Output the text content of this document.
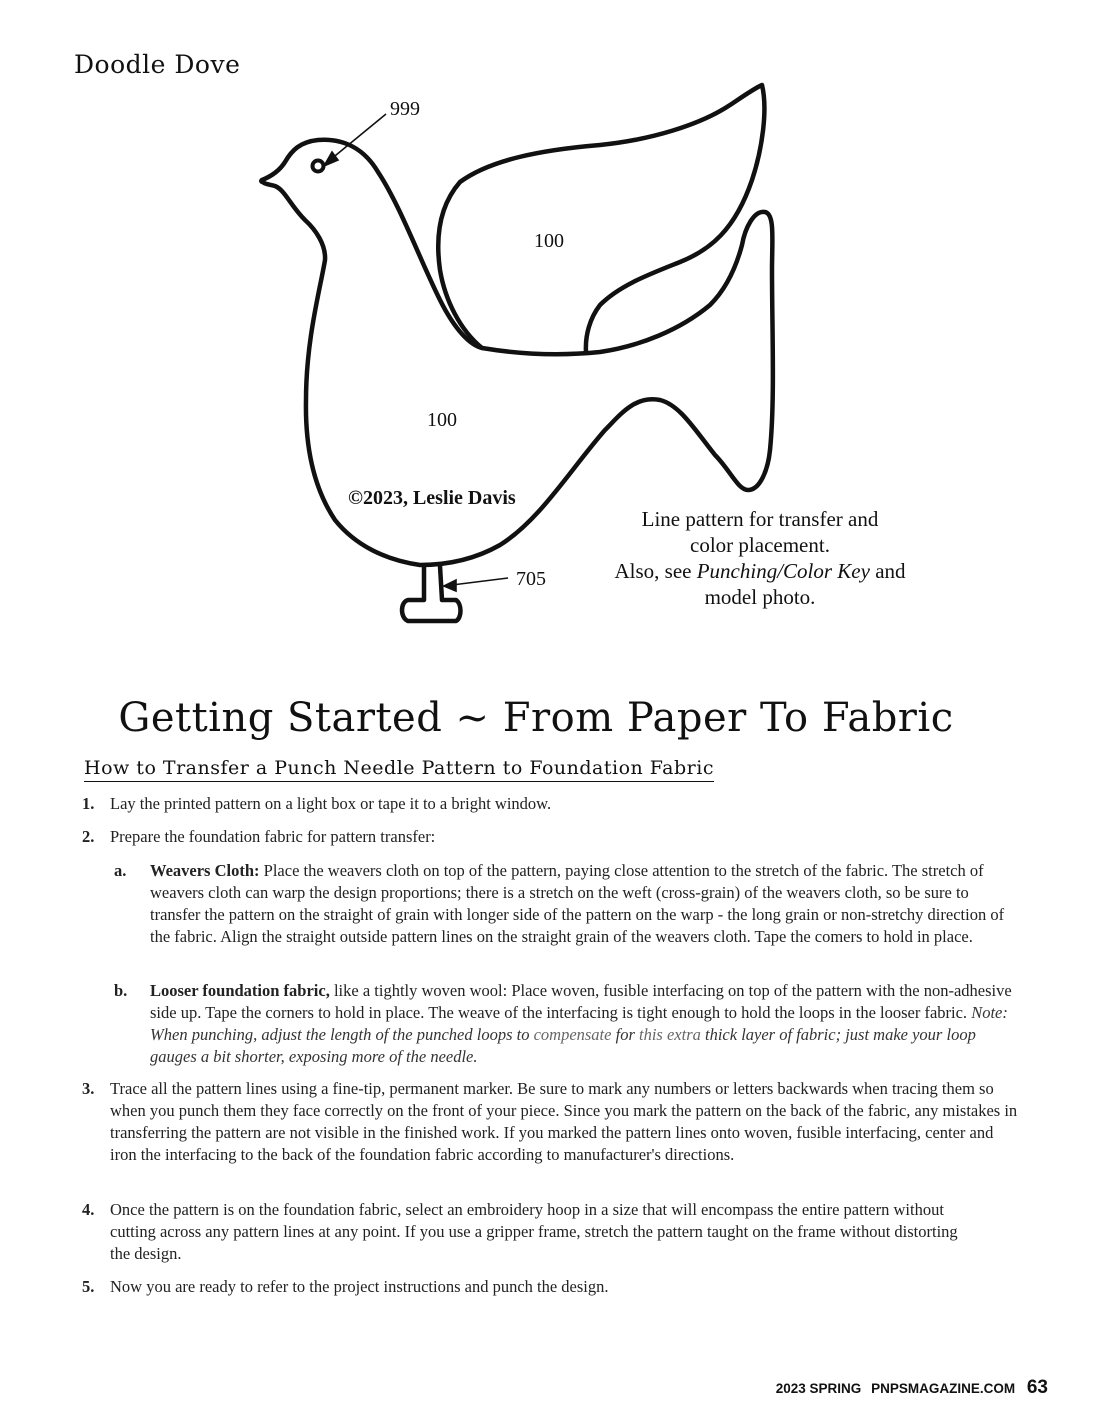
Doodle Dove
999
100
100
705
©2023, Leslie Davis
Line pattern for transfer and
color placement.
Also, see Punching/Color Key and
model photo.
Getting Started ~ From Paper To Fabric
How to Transfer a Punch Needle Pattern to Foundation Fabric
1. Lay the printed pattern on a light box or tape it to a bright window.
2. Prepare the foundation fabric for pattern transfer:
a. Weavers Cloth: Place the weavers cloth on top of the pattern, paying close attention to the stretch of the fabric. The stretch of weavers cloth can warp the design proportions; there is a stretch on the weft (cross-grain) of the weavers cloth, so be sure to transfer the pattern on the straight of grain with longer side of the pattern on the warp - the long grain or non-stretchy direction of the fabric. Align the straight outside pattern lines on the straight grain of the weavers cloth. Tape the comers to hold in place.
b. Looser foundation fabric, like a tightly woven wool: Place woven, fusible interfacing on top of the pattern with the non-adhesive side up. Tape the corners to hold in place. The weave of the interfacing is tight enough to hold the loops in the looser fabric. Note: When punching, adjust the length of the punched loops to compensate for this extra thick layer of fabric; just make your loop gauges a bit shorter, exposing more of the needle.
3. Trace all the pattern lines using a fine-tip, permanent marker. Be sure to mark any numbers or letters backwards when tracing them so when you punch them they face correctly on the front of your piece. Since you mark the pattern on the back of the fabric, any mistakes in transferring the pattern are not visible in the finished work. If you marked the pattern lines onto woven, fusible interfacing, center and iron the interfacing to the back of the foundation fabric according to manufacturer's directions.
4. Once the pattern is on the foundation fabric, select an embroidery hoop in a size that will encompass the entire pattern without cutting across any pattern lines at any point. If you use a gripper frame, stretch the pattern taught on the frame without distorting the design.
5. Now you are ready to refer to the project instructions and punch the design.
2023 SPRING PNPSMAGAZINE.COM 63
